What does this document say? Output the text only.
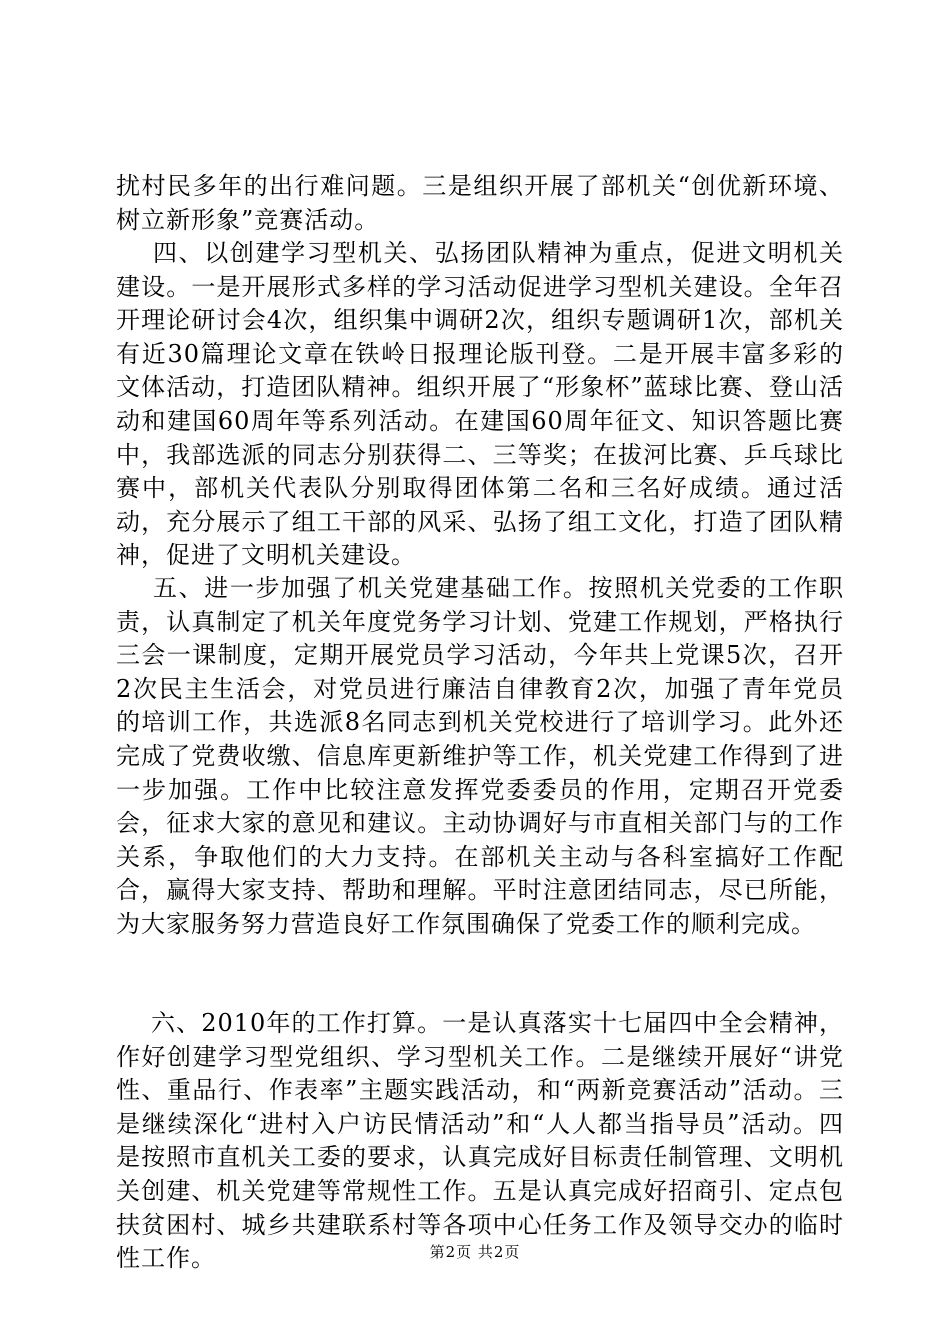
扰村民多年的出行难问题。三是组织开展了部机关“创优新环境、树立新形象”竞赛活动。
四、以创建学习型机关、弘扬团队精神为重点，促进文明机关建设。一是开展形式多样的学习活动促进学习型机关建设。全年召开理论研讨会4次，组织集中调研2次，组织专题调研1次，部机关有近30篇理论文章在铁岭日报理论版刊登。二是开展丰富多彩的文体活动，打造团队精神。组织开展了“形象杯”蓝球比赛、登山活动和建国60周年等系列活动。在建国60周年征文、知识答题比赛中，我部选派的同志分别获得二、三等奖；在拔河比赛、乒乓球比赛中，部机关代表队分别取得团体第二名和三名好成绩。通过活动，充分展示了组工干部的风采、弘扬了组工文化，打造了团队精神，促进了文明机关建设。
五、进一步加强了机关党建基础工作。按照机关党委的工作职责，认真制定了机关年度党务学习计划、党建工作规划，严格执行三会一课制度，定期开展党员学习活动，今年共上党课5次，召开2次民主生活会，对党员进行廉洁自律教育2次，加强了青年党员的培训工作，共选派8名同志到机关党校进行了培训学习。此外还完成了党费收缴、信息库更新维护等工作，机关党建工作得到了进一步加强。工作中比较注意发挥党委委员的作用，定期召开党委会，征求大家的意见和建议。主动协调好与市直相关部门与的工作关系，争取他们的大力支持。在部机关主动与各科室搞好工作配合，赢得大家支持、帮助和理解。平时注意团结同志，尽已所能，为大家服务努力营造良好工作氛围确保了党委工作的顺利完成。
六、2010年的工作打算。一是认真落实十七届四中全会精神，作好创建学习型党组织、学习型机关工作。二是继续开展好“讲党性、重品行、作表率”主题实践活动，和“两新竞赛活动”活动。三是继续深化“进村入户访民情活动”和“人人都当指导员”活动。四是按照市直机关工委的要求，认真完成好目标责任制管理、文明机关创建、机关党建等常规性工作。五是认真完成好招商引、定点包扶贫困村、城乡共建联系村等各项中心任务工作及领导交办的临时性工作。	第2页 共2页
